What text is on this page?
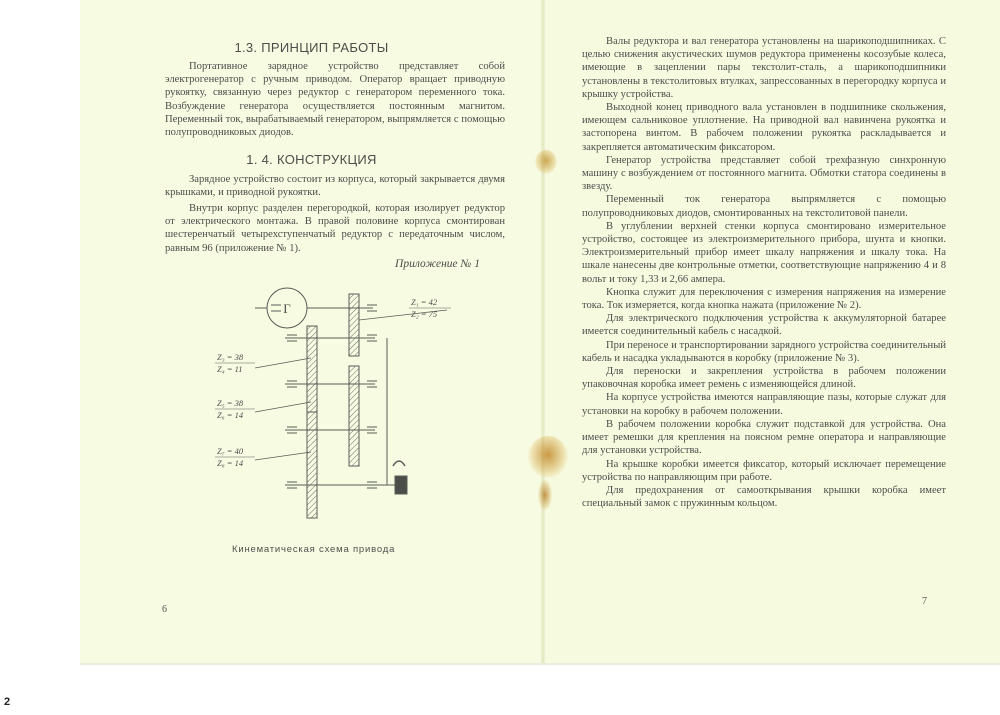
1.3. ПРИНЦИП РАБОТЫ

Портативное зарядное устройство представляет собой электрогенератор с ручным приводом. Оператор вращает приводную рукоятку, связанную через редуктор с генератором переменного тока. Возбуждение генератора осуществляется постоянным магнитом. Переменный ток, вырабатываемый генератором, выпрямляется с помощью полупроводниковых диодов.

1. 4. КОНСТРУКЦИЯ

Зарядное устройство состоит из корпуса, который закрывается двумя крышками, и приводной рукоятки.

Внутри корпус разделен перегородкой, которая изолирует редуктор от электрического монтажа. В правой половине корпуса смонтирован шестеренчатый четырехступенчатый редуктор с передаточным числом, равным 96 (приложение № 1).

Приложение № 1

Г	Z₁ = 42
Z₂ = 75
Z₃ = 38
Z₄ = 11
Z₅ = 38
Z₆ = 14
Z₇ = 40
Z₈ = 14

Кинематическая схема привода

6

Валы редуктора и вал генератора установлены на шарикоподшипниках. С целью снижения акустических шумов редуктора применены косозубые колеса, имеющие в зацеплении пары текстолит-сталь, а шарикоподшипники установлены в текстолитовых втулках, запрессованных в перегородку корпуса и крышку устройства.

Выходной конец приводного вала установлен в подшипнике скольжения, имеющем сальниковое уплотнение. На приводной вал навинчена рукоятка и застопорена винтом. В рабочем положении рукоятка раскладывается и закрепляется автоматическим фиксатором.

Генератор устройства представляет собой трехфазную синхронную машину с возбуждением от постоянного магнита. Обмотки статора соединены в звезду.

Переменный ток генератора выпрямляется с помощью полупроводниковых диодов, смонтированных на текстолитовой панели.

В углублении верхней стенки корпуса смонтировано измерительное устройство, состоящее из электроизмерительного прибора, шунта и кнопки. Электроизмерительный прибор имеет шкалу напряжения и шкалу тока. На шкале нанесены две контрольные отметки, соответствующие напряжению 4 и 8 вольт и току 1,33 и 2,66 ампера.

Кнопка служит для переключения с измерения напряжения на измерение тока. Ток измеряется, когда кнопка нажата (приложение № 2).

Для электрического подключения устройства к аккумуляторной батарее имеется соединительный кабель с насадкой.

При переносе и транспортировании зарядного устройства соединительный кабель и насадка укладываются в коробку (приложение № 3).

Для переноски и закрепления устройства в рабочем положении упаковочная коробка имеет ремень с изменяющейся длиной.

На корпусе устройства имеются направляющие пазы, которые служат для установки на коробку в рабочем положении.

В рабочем положении коробка служит подставкой для устройства. Она имеет ремешки для крепления на поясном ремне оператора и направляющие для установки устройства.

На крышке коробки имеется фиксатор, который исключает перемещение устройства по направляющим при работе.

Для предохранения от самооткрывания крышки коробка имеет специальный замок с пружинным кольцом.

7

2
